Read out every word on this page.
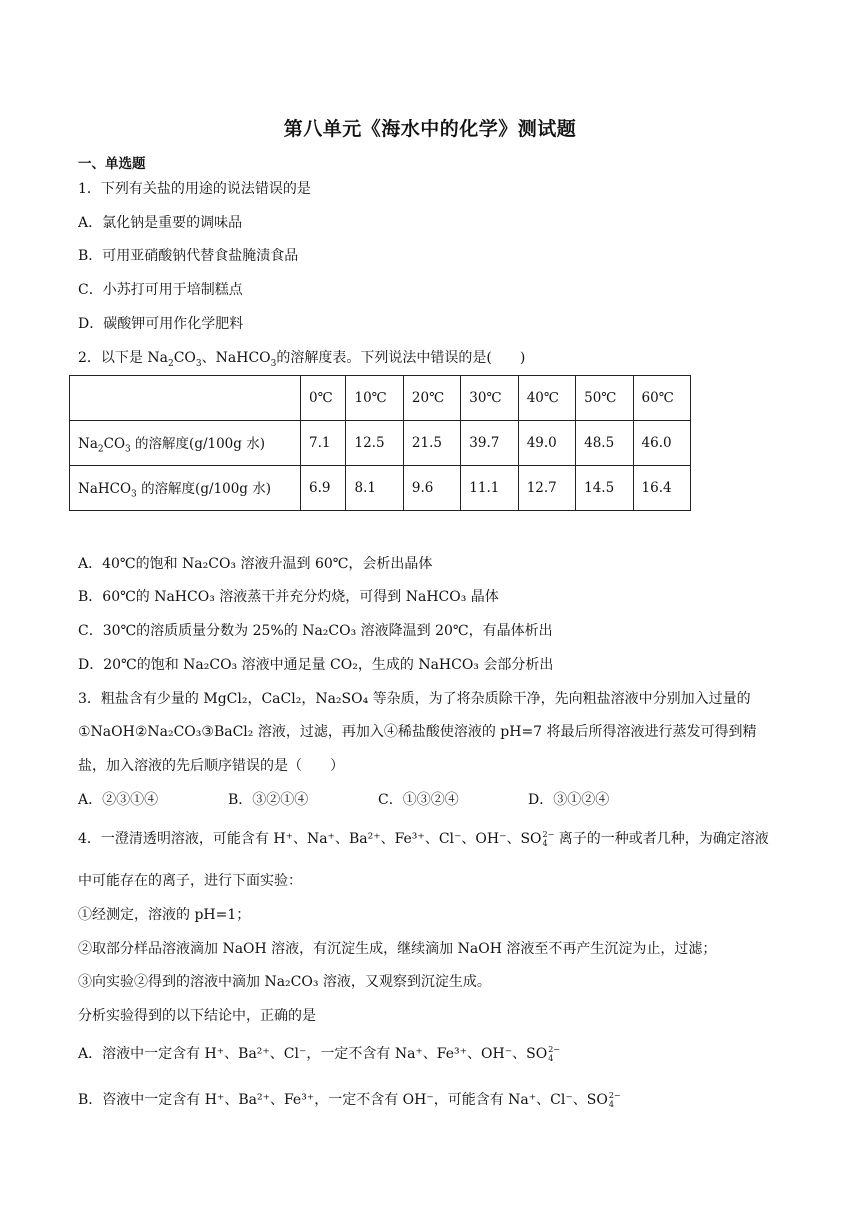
第八单元《海水中的化学》测试题
一、单选题
1．下列有关盐的用途的说法错误的是
A．氯化钠是重要的调味品
B．可用亚硝酸钠代替食盐腌渍食品
C．小苏打可用于培制糕点
D．碳酸钾可用作化学肥料
2．以下是 $Na_2CO_3$、NaHCO$_3$的溶解度表。下列说法中错误的是(　　)
	0℃	10℃	20℃	30℃	40℃	50℃	60℃
$Na_2CO_3$ 的溶解度(g/100g 水)	7.1	12.5	21.5	39.7	49.0	48.5	46.0
NaHCO$_3$ 的溶解度(g/100g 水)	6.9	8.1	9.6	11.1	12.7	14.5	16.4
A．40℃的饱和 Na₂CO₃ 溶液升温到 60℃，会析出晶体
B．60℃的 NaHCO₃ 溶液蒸干并充分灼烧，可得到 NaHCO₃ 晶体
C．30℃的溶质质量分数为 25%的 Na₂CO₃ 溶液降温到 20℃，有晶体析出
D．20℃的饱和 Na₂CO₃ 溶液中通足量 CO₂，生成的 NaHCO₃ 会部分析出
3．粗盐含有少量的 MgCl₂，CaCl₂，Na₂SO₄ 等杂质，为了将杂质除干净，先向粗盐溶液中分别加入过量的
①NaOH②Na₂CO₃③BaCl₂ 溶液，过滤，再加入④稀盐酸使溶液的 pH=7 将最后所得溶液进行蒸发可得到精
盐，加入溶液的先后顺序错误的是（　　）
A．②③①④	B．③②①④	C．①③②④	D．③①②④
4．一澄清透明溶液，可能含有 H⁺、Na⁺、Ba²⁺、Fe³⁺、Cl⁻、OH⁻、SO 2−
4 离子的一种或者几种，为确定溶液
中可能存在的离子，进行下面实验：
①经测定，溶液的 pH=1；
②取部分样品溶液滴加 NaOH 溶液，有沉淀生成，继续滴加 NaOH 溶液至不再产生沉淀为止，过滤；
③向实验②得到的溶液中滴加 Na₂CO₃ 溶液，又观察到沉淀生成。
分析实验得到的以下结论中，正确的是
A．溶液中一定含有 H⁺、Ba²⁺、Cl⁻，一定不含有 Na⁺、Fe³⁺、OH⁻、SO 2−
4
B．咨液中一定含有 H⁺、Ba²⁺、Fe³⁺，一定不含有 OH⁻，可能含有 Na⁺、Cl⁻、SO 2−
4
